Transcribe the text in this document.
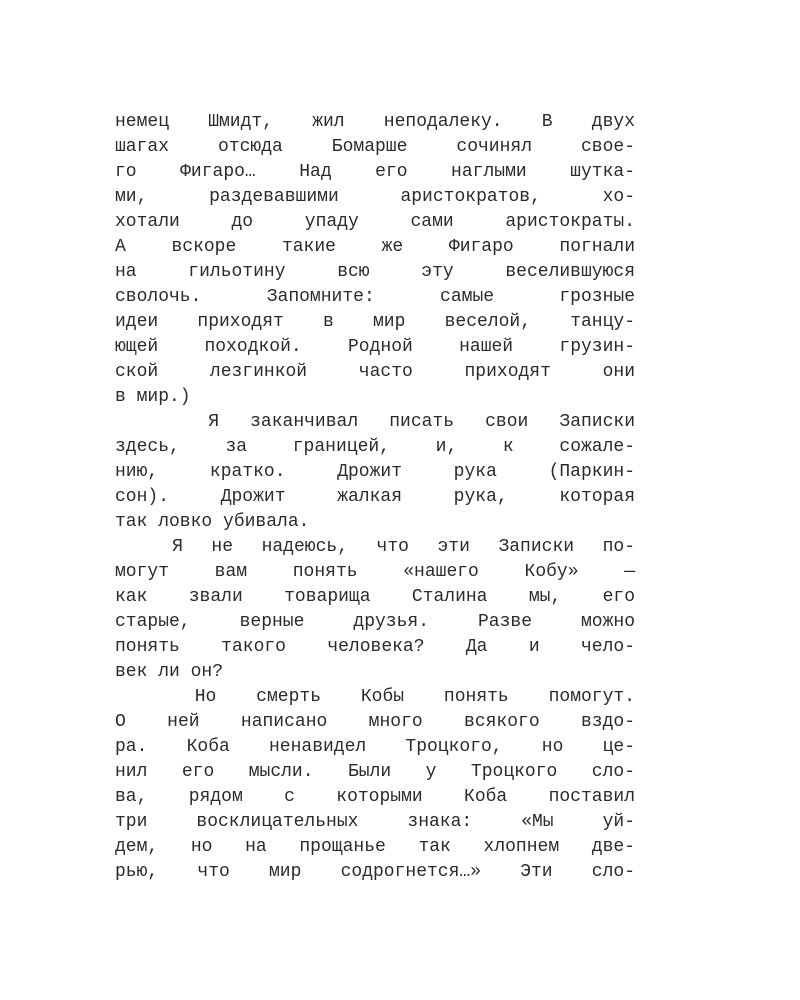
немец Шмидт, жил неподалеку. В двух
шагах отсюда Бомарше сочинял свое-
го Фигаро… Над его наглыми шутка-
ми, раздевавшими аристократов, хо-
хотали до упаду сами аристократы.
А вскоре такие же Фигаро погнали
на гильотину всю эту веселившуюся
сволочь. Запомните: самые грозные
идеи приходят в мир веселой, танцу-
ющей походкой. Родной нашей грузин-
ской лезгинкой часто приходят они
в мир.)
Я заканчивал писать свои Записки
здесь, за границей, и, к сожале-
нию, кратко. Дрожит рука (Паркин-
сон). Дрожит жалкая рука, которая
так ловко убивала.
Я не надеюсь, что эти Записки по-
могут вам понять «нашего Кобу» —
как звали товарища Сталина мы, его
старые, верные друзья. Разве можно
понять такого человека? Да и чело-
век ли он?
Но смерть Кобы понять помогут.
О ней написано много всякого вздо-
ра. Коба ненавидел Троцкого, но це-
нил его мысли. Были у Троцкого сло-
ва, рядом с которыми Коба поставил
три восклицательных знака: «Мы уй-
дем, но на прощанье так хлопнем две-
рью, что мир содрогнется…» Эти сло-
